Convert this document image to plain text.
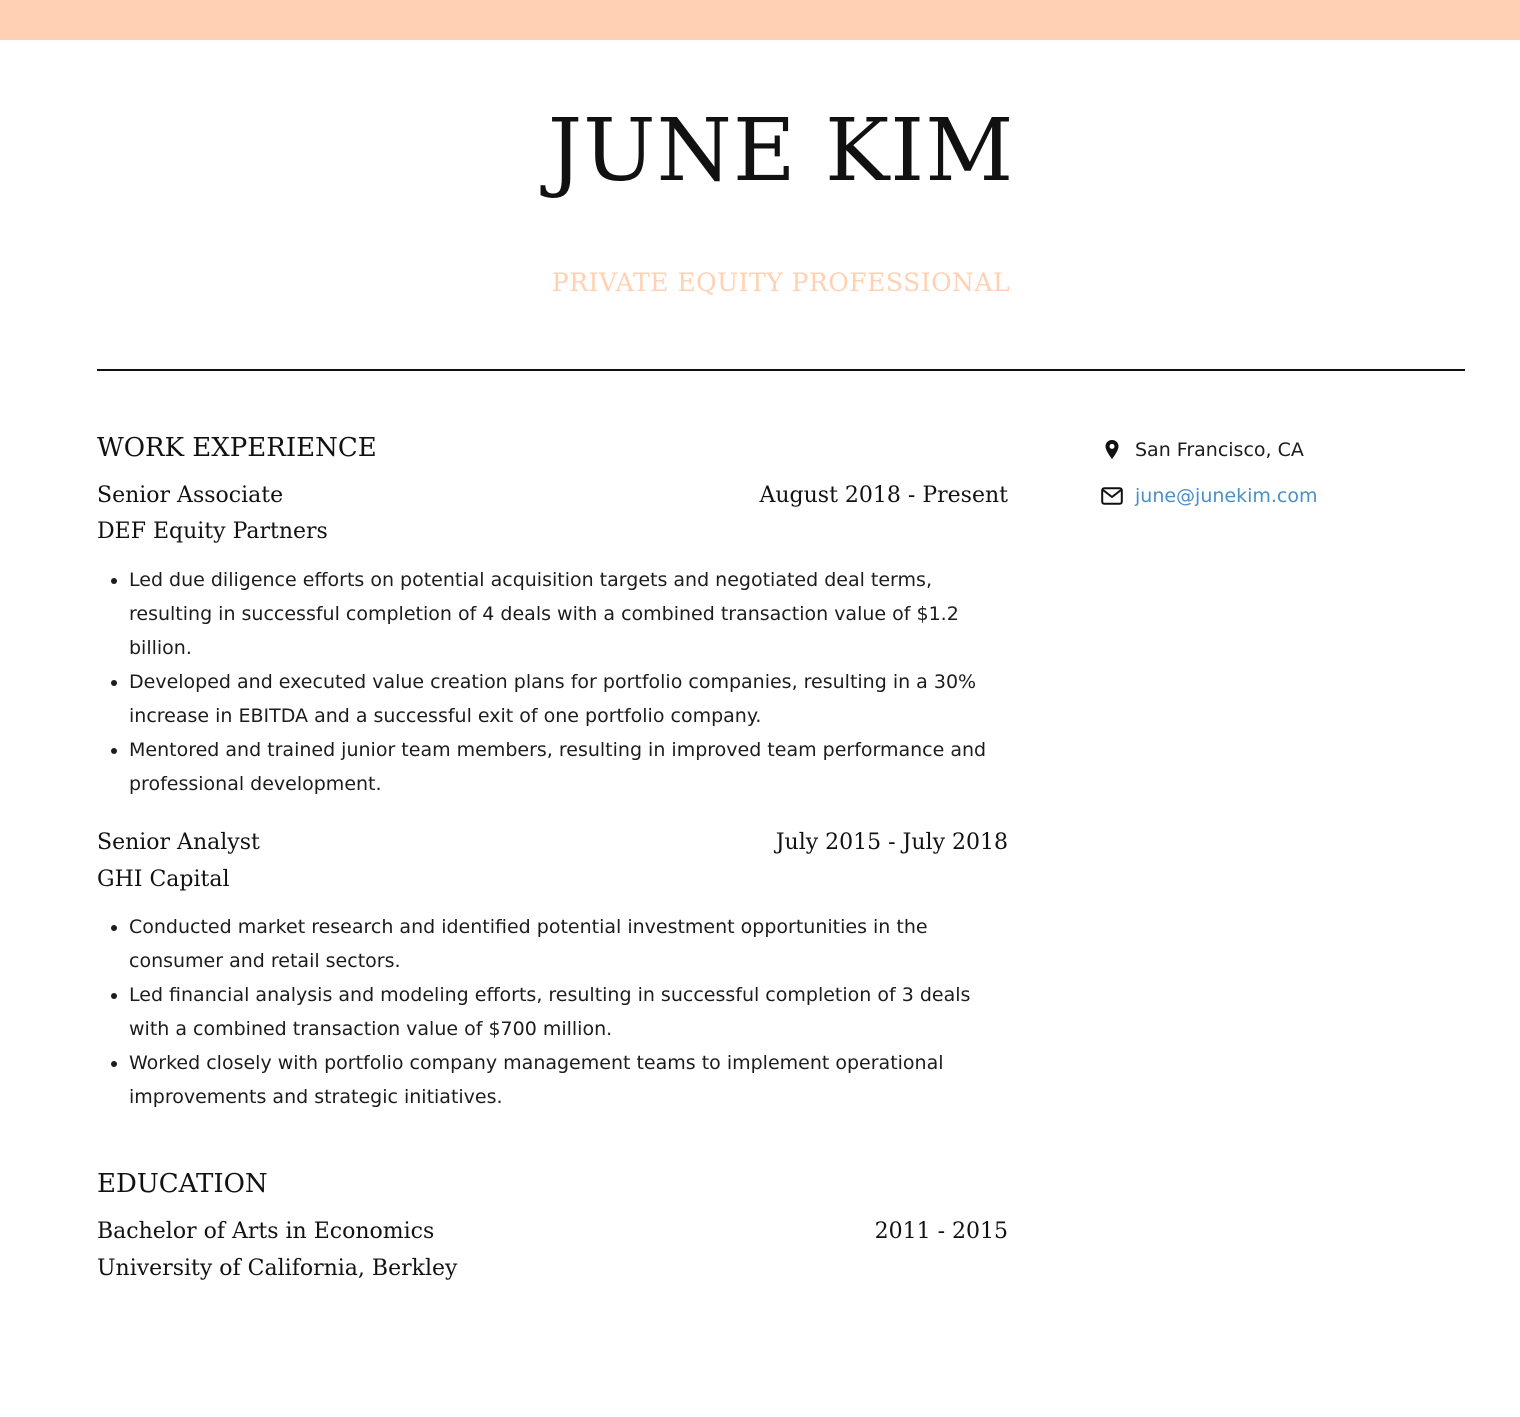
JUNE KIM
PRIVATE EQUITY PROFESSIONAL
WORK EXPERIENCE
Senior Associate	August 2018 - Present
DEF Equity Partners
• Led due diligence efforts on potential acquisition targets and negotiated deal terms, resulting in successful completion of 4 deals with a combined transaction value of $1.2 billion.
• Developed and executed value creation plans for portfolio companies, resulting in a 30% increase in EBITDA and a successful exit of one portfolio company.
• Mentored and trained junior team members, resulting in improved team performance and professional development.
Senior Analyst	July 2015 - July 2018
GHI Capital
• Conducted market research and identified potential investment opportunities in the consumer and retail sectors.
• Led financial analysis and modeling efforts, resulting in successful completion of 3 deals with a combined transaction value of $700 million.
• Worked closely with portfolio company management teams to implement operational improvements and strategic initiatives.
EDUCATION
Bachelor of Arts in Economics	2011 - 2015
University of California, Berkley
San Francisco, CA
june@junekim.com
